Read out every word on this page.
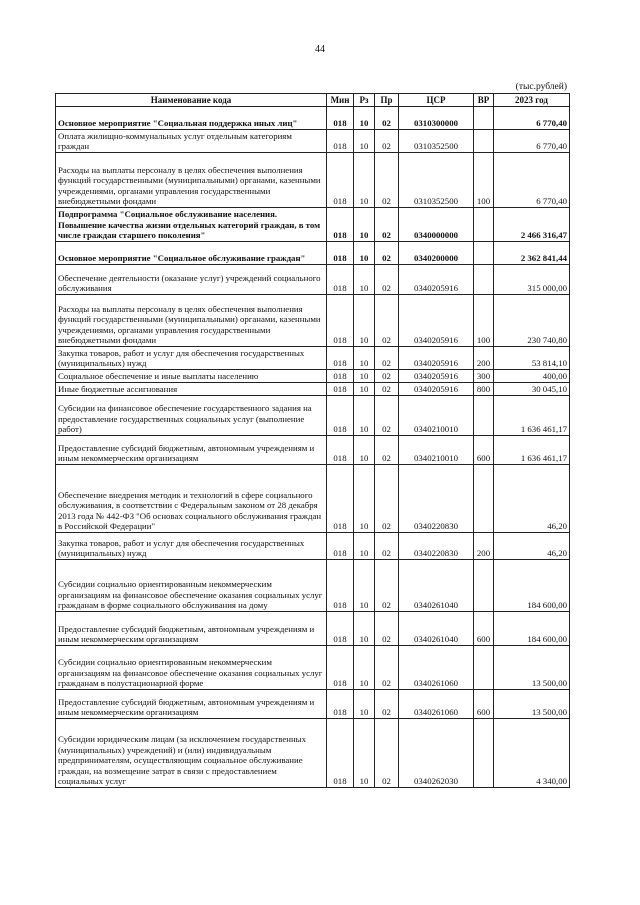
44
(тыс.рублей)
Наименование кода	Мин	Рз	Пр	ЦСР	ВР	2023 год
Основное мероприятие "Социальная поддержка иных лиц"	018	10	02	0310300000		6 770,40
Оплата жилищно-коммунальных услуг отдельным категориям граждан	018	10	02	0310352500		6 770,40
Расходы на выплаты персоналу в целях обеспечения выполнения функций государственными (муниципальными) органами, казенными учреждениями, органами управления государственными внебюджетными фондами	018	10	02	0310352500	100	6 770,40
Подпрограмма "Социальное обслуживание населения. Повышение качества жизни отдельных категорий граждан, в том числе граждан старшего поколения"	018	10	02	0340000000		2 466 316,47
Основное мероприятие "Социальное обслуживание граждан"	018	10	02	0340200000		2 362 841,44
Обеспечение деятельности (оказание услуг) учреждений социального обслуживания	018	10	02	0340205916		315 000,00
Расходы на выплаты персоналу в целях обеспечения выполнения функций государственными (муниципальными) органами, казенными учреждениями, органами управления государственными внебюджетными фондами	018	10	02	0340205916	100	230 740,80
Закупка товаров, работ и услуг для обеспечения государственных (муниципальных) нужд	018	10	02	0340205916	200	53 814,10
Социальное обеспечение и иные выплаты населению	018	10	02	0340205916	300	400,00
Иные бюджетные ассигнования	018	10	02	0340205916	800	30 045,10
Субсидии на финансовое обеспечение государственного задания на предоставление государственных социальных услуг (выполнение работ)	018	10	02	0340210010		1 636 461,17
Предоставление субсидий бюджетным, автономным учреждениям и иным некоммерческим организациям	018	10	02	0340210010	600	1 636 461,17
Обеспечение внедрения методик и технологий в сфере социального обслуживания, в соответствии с Федеральным законом от 28 декабря 2013 года № 442-ФЗ "Об основах социального обслуживания граждан в Российской Федерации"	018	10	02	0340220830		46,20
Закупка товаров, работ и услуг для обеспечения государственных (муниципальных) нужд	018	10	02	0340220830	200	46,20
Субсидии социально ориентированным некоммерческим организациям на финансовое обеспечение оказания социальных услуг гражданам в форме социального обслуживания на дому	018	10	02	0340261040		184 600,00
Предоставление субсидий бюджетным, автономным учреждениям и иным некоммерческим организациям	018	10	02	0340261040	600	184 600,00
Субсидии социально ориентированным некоммерческим организациям на финансовое обеспечение оказания социальных услуг гражданам в полустационарной форме	018	10	02	0340261060		13 500,00
Предоставление субсидий бюджетным, автономным учреждениям и иным некоммерческим организациям	018	10	02	0340261060	600	13 500,00
Субсидии юридическим лицам (за исключением государственных (муниципальных) учреждений) и (или) индивидуальным предпринимателям, осуществляющим социальное обслуживание граждан, на возмещение затрат в связи с предоставлением социальных услуг	018	10	02	0340262030		4 340,00
